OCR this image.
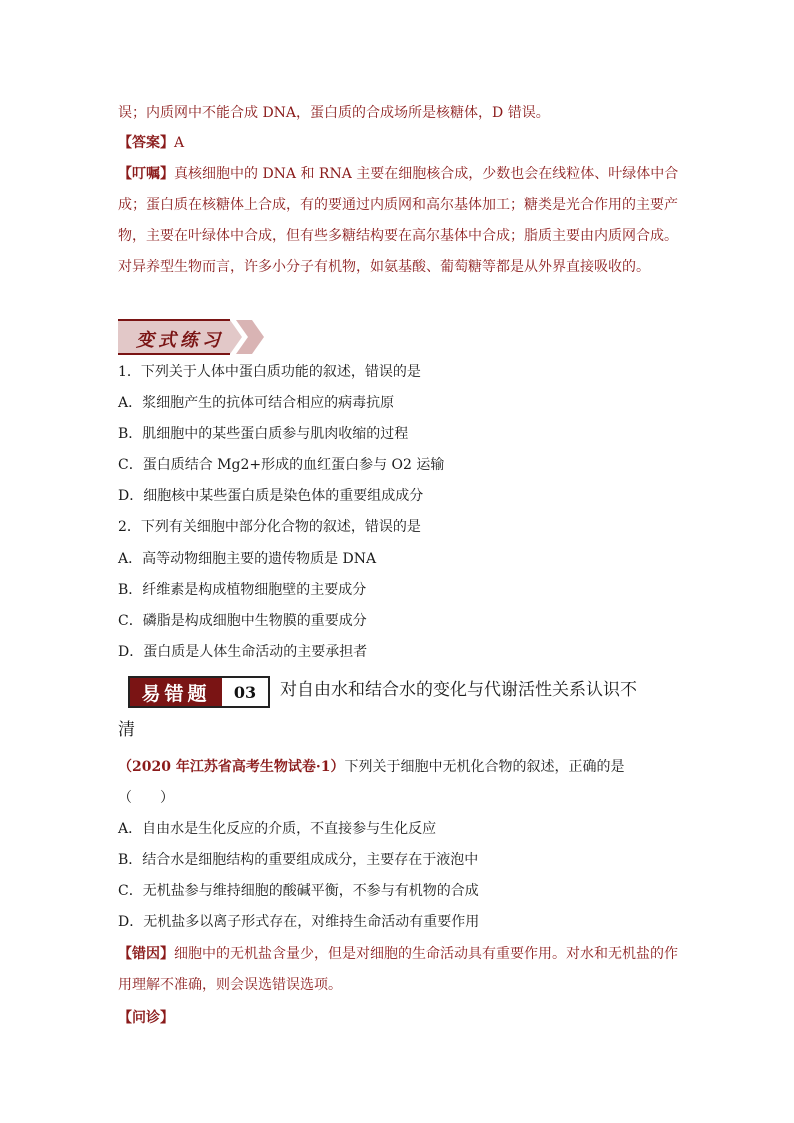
误；内质网中不能合成 DNA，蛋白质的合成场所是核糖体，D 错误。
【答案】A
【叮嘱】真核细胞中的 DNA 和 RNA 主要在细胞核合成，少数也会在线粒体、叶绿体中合
成；蛋白质在核糖体上合成，有的要通过内质网和高尔基体加工；糖类是光合作用的主要产
物，主要在叶绿体中合成，但有些多糖结构要在高尔基体中合成；脂质主要由内质网合成。
对异养型生物而言，许多小分子有机物，如氨基酸、葡萄糖等都是从外界直接吸收的。
变式练习
1．下列关于人体中蛋白质功能的叙述，错误的是
A．浆细胞产生的抗体可结合相应的病毒抗原
B．肌细胞中的某些蛋白质参与肌肉收缩的过程
C．蛋白质结合 Mg2+形成的血红蛋白参与 O2 运输
D．细胞核中某些蛋白质是染色体的重要组成成分
2．下列有关细胞中部分化合物的叙述，错误的是
A．高等动物细胞主要的遗传物质是 DNA
B．纤维素是构成植物细胞壁的主要成分
C．磷脂是构成细胞中生物膜的重要成分
D．蛋白质是人体生命活动的主要承担者
易错题	03	对自由水和结合水的变化与代谢活性关系认识不
清
（2020 年江苏省高考生物试卷·1）下列关于细胞中无机化合物的叙述，正确的是
（　　）
A．自由水是生化反应的介质，不直接参与生化反应
B．结合水是细胞结构的重要组成成分，主要存在于液泡中
C．无机盐参与维持细胞的酸碱平衡，不参与有机物的合成
D．无机盐多以离子形式存在，对维持生命活动有重要作用
【错因】细胞中的无机盐含量少，但是对细胞的生命活动具有重要作用。对水和无机盐的作
用理解不准确，则会误选错误选项。
【问诊】
